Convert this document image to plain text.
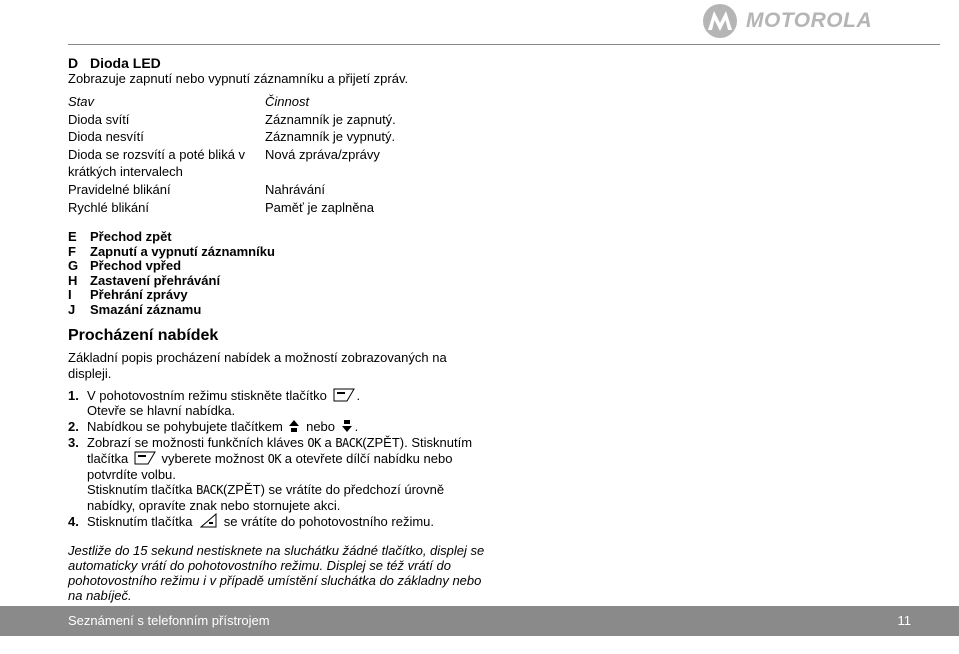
MOTOROLA
D Dioda LED
Zobrazuje zapnutí nebo vypnutí záznamníku a přijetí zpráv.
Stav	Činnost
Dioda svítí	Záznamník je zapnutý.
Dioda nesvítí	Záznamník je vypnutý.
Dioda se rozsvítí a poté bliká v krátkých intervalech	Nová zpráva/zprávy
Pravidelné blikání	Nahrávání
Rychlé blikání	Paměť je zaplněna
E Přechod zpět
F Zapnutí a vypnutí záznamníku
G Přechod vpřed
H Zastavení přehrávání
I Přehrání zprávy
J Smazání záznamu
Procházení nabídek

Základní popis procházení nabídek a možností zobrazovaných na displeji.

1. V pohotovostním režimu stiskněte tlačítko .
Otevře se hlavní nabídka.
2. Nabídkou se pohybujete tlačítkem nebo .
3. Zobrazí se možnosti funkčních kláves OK a BACK(ZPĚT). Stisknutím tlačítka	vyberete možnost OK a otevřete dílčí nabídku nebo potvrdíte volbu.
Stisknutím tlačítka BACK(ZPĚT) se vrátíte do předchozí úrovně nabídky, opravíte znak nebo stornujete akci.
4. Stisknutím tlačítka se vrátíte do pohotovostního režimu.
Jestliže do 15 sekund nestisknete na sluchátku žádné tlačítko, displej se automaticky vrátí do pohotovostního režimu. Displej se též vrátí do pohotovostního režimu i v případě umístění sluchátka do základny nebo na nabíječ.
Seznámení s telefonním přístrojem	11
